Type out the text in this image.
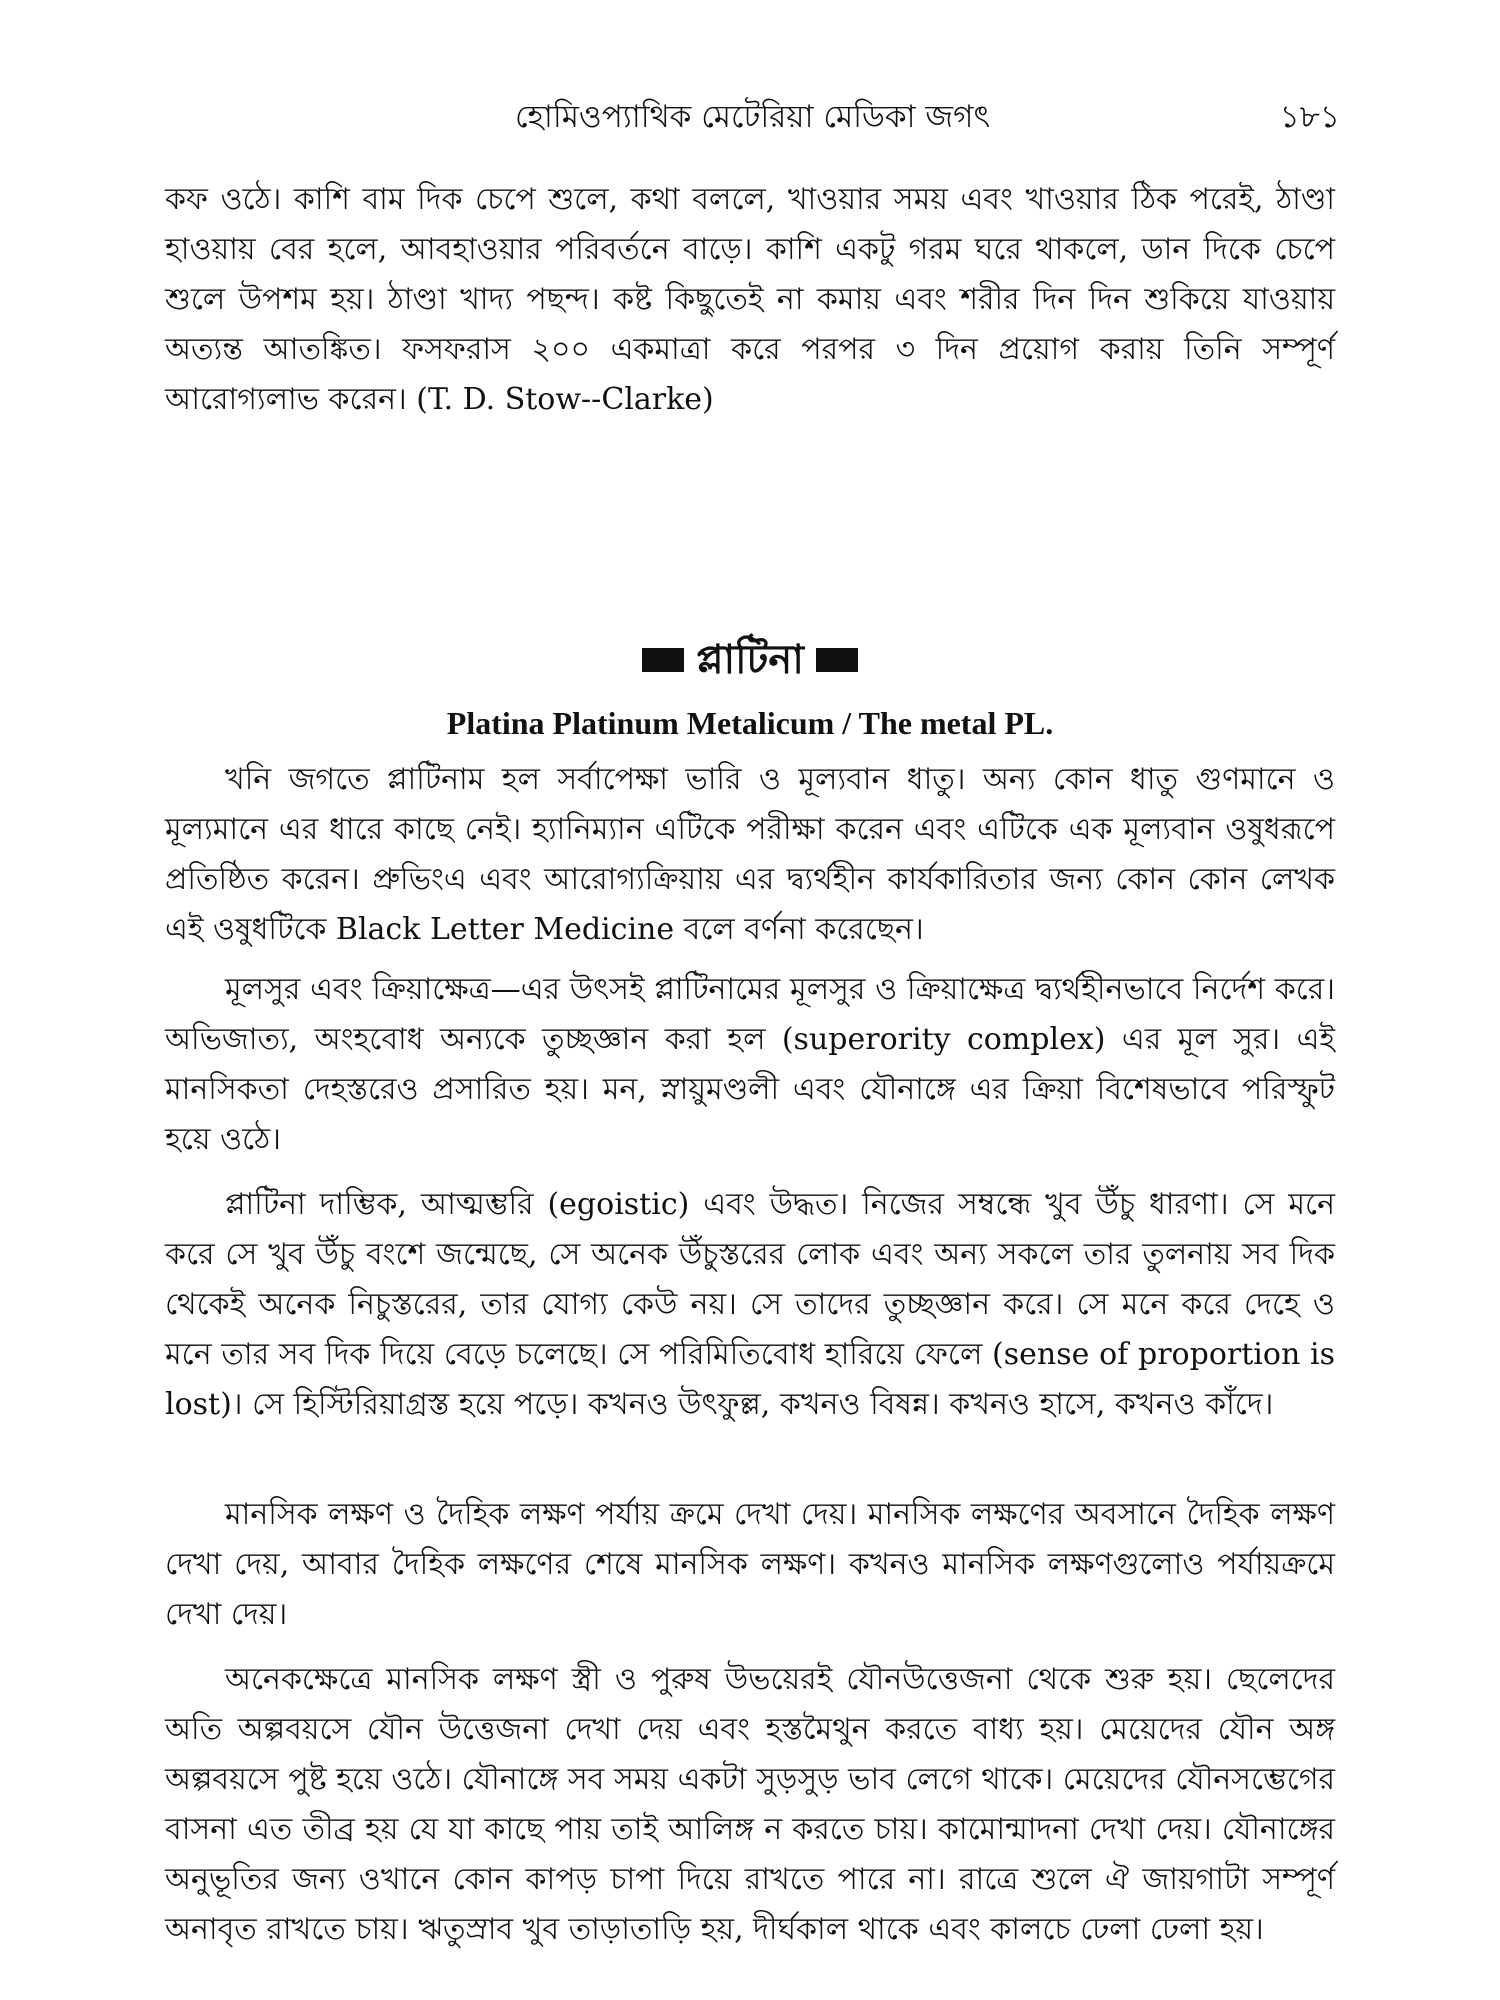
হোমিওপ্যাথিক মেটেরিয়া মেডিকা জগৎ	১৮১

কফ ওঠে। কাশি বাম দিক চেপে শুলে, কথা বললে, খাওয়ার সময় এবং খাওয়ার ঠিক পরেই, ঠাণ্ডা হাওয়ায় বের হলে, আবহাওয়ার পরিবর্তনে বাড়ে। কাশি একটু গরম ঘরে থাকলে, ডান দিকে চেপে শুলে উপশম হয়। ঠাণ্ডা খাদ্য পছন্দ। কষ্ট কিছুতেই না কমায় এবং শরীর দিন দিন শুকিয়ে যাওয়ায় অত্যন্ত আতঙ্কিত। ফসফরাস ২০০ একমাত্রা করে পরপর ৩ দিন প্রয়োগ করায় তিনি সম্পূর্ণ আরোগ্যলাভ করেন। (T. D. Stow--Clarke)

প্লাটিনা
Platina Platinum Metalicum / The metal PL.

খনি জগতে প্লাটিনাম হল সর্বাপেক্ষা ভারি ও মূল্যবান ধাতু। অন্য কোন ধাতু গুণমানে ও মূল্যমানে এর ধারে কাছে নেই। হ্যানিম্যান এটিকে পরীক্ষা করেন এবং এটিকে এক মূল্যবান ওষুধরূপে প্রতিষ্ঠিত করেন। প্রুভিংএ এবং আরোগ্যক্রিয়ায় এর দ্ব্যর্থহীন কার্যকারিতার জন্য কোন কোন লেখক এই ওষুধটিকে Black Letter Medicine বলে বর্ণনা করেছেন।

মূলসুর এবং ক্রিয়াক্ষেত্র—এর উৎসই প্লাটিনামের মূলসুর ও ক্রিয়াক্ষেত্র দ্ব্যর্থহীনভাবে নির্দেশ করে। অভিজাত্য, অংহবোধ অন্যকে তুচ্ছজ্ঞান করা হল (superority complex) এর মূল সুর। এই মানসিকতা দেহস্তরেও প্রসারিত হয়। মন, স্নায়ুমণ্ডলী এবং যৌনাঙ্গে এর ক্রিয়া বিশেষভাবে পরিস্ফুট হয়ে ওঠে।

প্লাটিনা দাম্ভিক, আত্মম্ভরি (egoistic) এবং উদ্ধত। নিজের সম্বন্ধে খুব উঁচু ধারণা। সে মনে করে সে খুব উঁচু বংশে জন্মেছে, সে অনেক উঁচুস্তরের লোক এবং অন্য সকলে তার তুলনায় সব দিক থেকেই অনেক নিচুস্তরের, তার যোগ্য কেউ নয়। সে তাদের তুচ্ছজ্ঞান করে। সে মনে করে দেহে ও মনে তার সব দিক দিয়ে বেড়ে চলেছে। সে পরিমিতিবোধ হারিয়ে ফেলে (sense of proportion is lost)। সে হিস্টিরিয়াগ্রস্ত হয়ে পড়ে। কখনও উৎফুল্ল, কখনও বিষন্ন। কখনও হাসে, কখনও কাঁদে।

মানসিক লক্ষণ ও দৈহিক লক্ষণ পর্যায় ক্রমে দেখা দেয়। মানসিক লক্ষণের অবসানে দৈহিক লক্ষণ দেখা দেয়, আবার দৈহিক লক্ষণের শেষে মানসিক লক্ষণ। কখনও মানসিক লক্ষণগুলোও পর্যায়ক্রমে দেখা দেয়।

অনেকক্ষেত্রে মানসিক লক্ষণ স্ত্রী ও পুরুষ উভয়েরই যৌনউত্তেজনা থেকে শুরু হয়। ছেলেদের অতি অল্পবয়সে যৌন উত্তেজনা দেখা দেয় এবং হস্তমৈথুন করতে বাধ্য হয়। মেয়েদের যৌন অঙ্গ অল্পবয়সে পুষ্ট হয়ে ওঠে। যৌনাঙ্গে সব সময় একটা সুড়সুড় ভাব লেগে থাকে। মেয়েদের যৌনসম্ভেগের বাসনা এত তীব্র হয় যে যা কাছে পায় তাই আলিঙ্গ ন করতে চায়। কামোন্মাদনা দেখা দেয়। যৌনাঙ্গের অনুভূতির জন্য ওখানে কোন কাপড় চাপা দিয়ে রাখতে পারে না। রাত্রে শুলে ঐ জায়গাটা সম্পূর্ণ অনাবৃত রাখতে চায়। ঋতুস্রাব খুব তাড়াতাড়ি হয়, দীর্ঘকাল থাকে এবং কালচে ঢেলা ঢেলা হয়।
